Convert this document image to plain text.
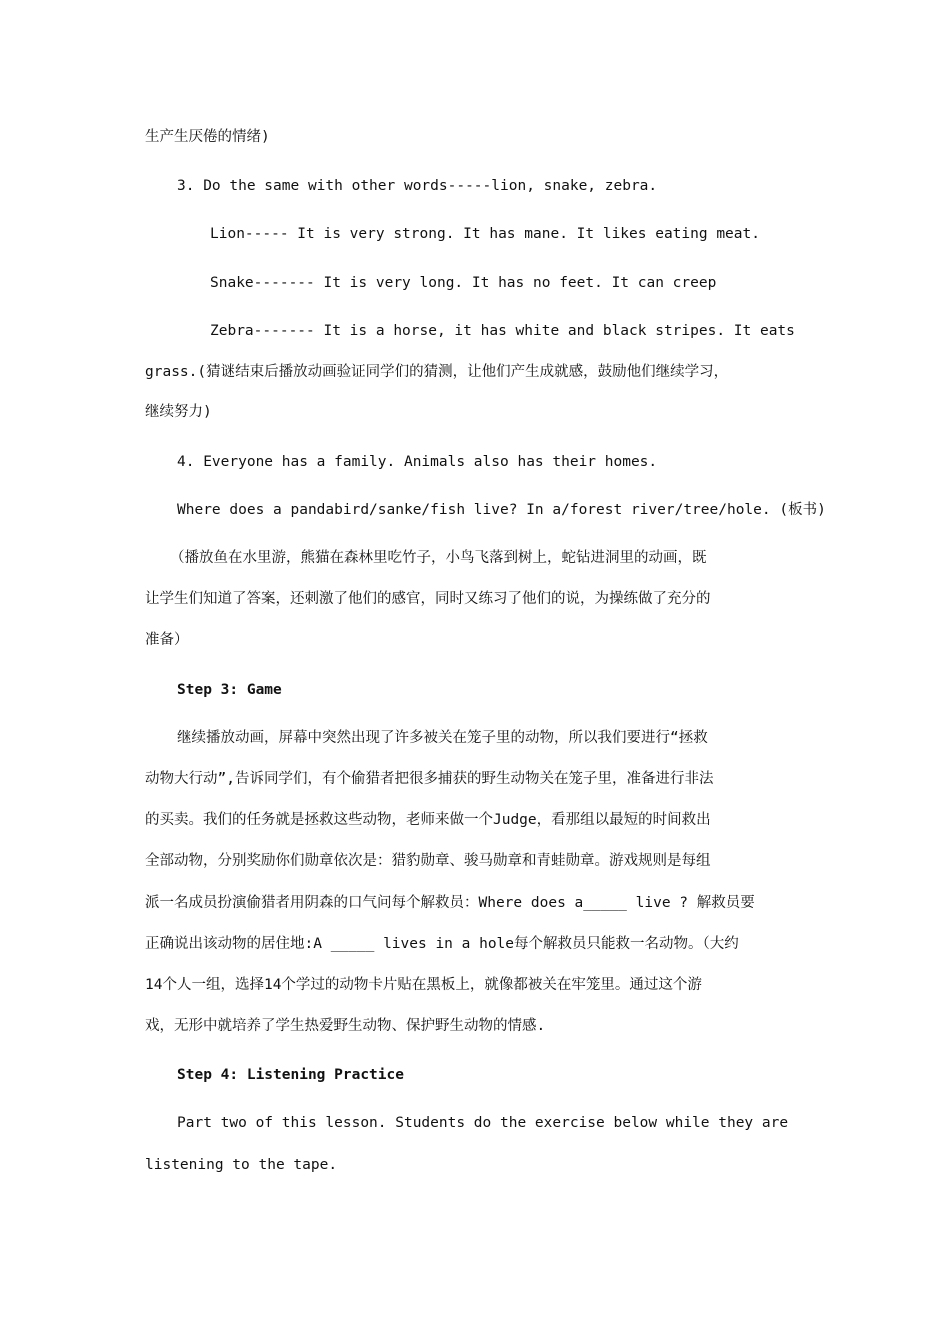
生产生厌倦的情绪)
3. Do the same with other words-----lion, snake, zebra.
Lion----- It is very strong. It has mane. It likes eating meat.
Snake------- It is very long. It has no feet. It can creep
Zebra------- It is a horse, it has white and black stripes. It eats
grass.(猜谜结束后播放动画验证同学们的猜测，让他们产生成就感，鼓励他们继续学习，
继续努力)
4. Everyone has a family. Animals also has their homes.
Where does a pandabird/sanke/fish live? In a/forest river/tree/hole. (板书)
（播放鱼在水里游，熊猫在森林里吃竹子，小鸟飞落到树上，蛇钻进洞里的动画，既
让学生们知道了答案，还刺激了他们的感官，同时又练习了他们的说，为操练做了充分的
准备）
Step 3: Game
继续播放动画，屏幕中突然出现了许多被关在笼子里的动物，所以我们要进行“拯救
动物大行动”,告诉同学们，有个偷猎者把很多捕获的野生动物关在笼子里，准备进行非法
的买卖。我们的任务就是拯救这些动物，老师来做一个Judge，看那组以最短的时间救出
全部动物，分别奖励你们勋章依次是：猎豹勋章、骏马勋章和青蛙勋章。游戏规则是每组
派一名成员扮演偷猎者用阴森的口气问每个解救员：Where does a_____ live ? 解救员要
正确说出该动物的居住地:A _____ lives in a hole每个解救员只能救一名动物。（大约
14个人一组，选择14个学过的动物卡片贴在黑板上，就像都被关在牢笼里。通过这个游
戏，无形中就培养了学生热爱野生动物、保护野生动物的情感.
Step 4: Listening Practice
Part two of this lesson. Students do the exercise below while they are
listening to the tape.
